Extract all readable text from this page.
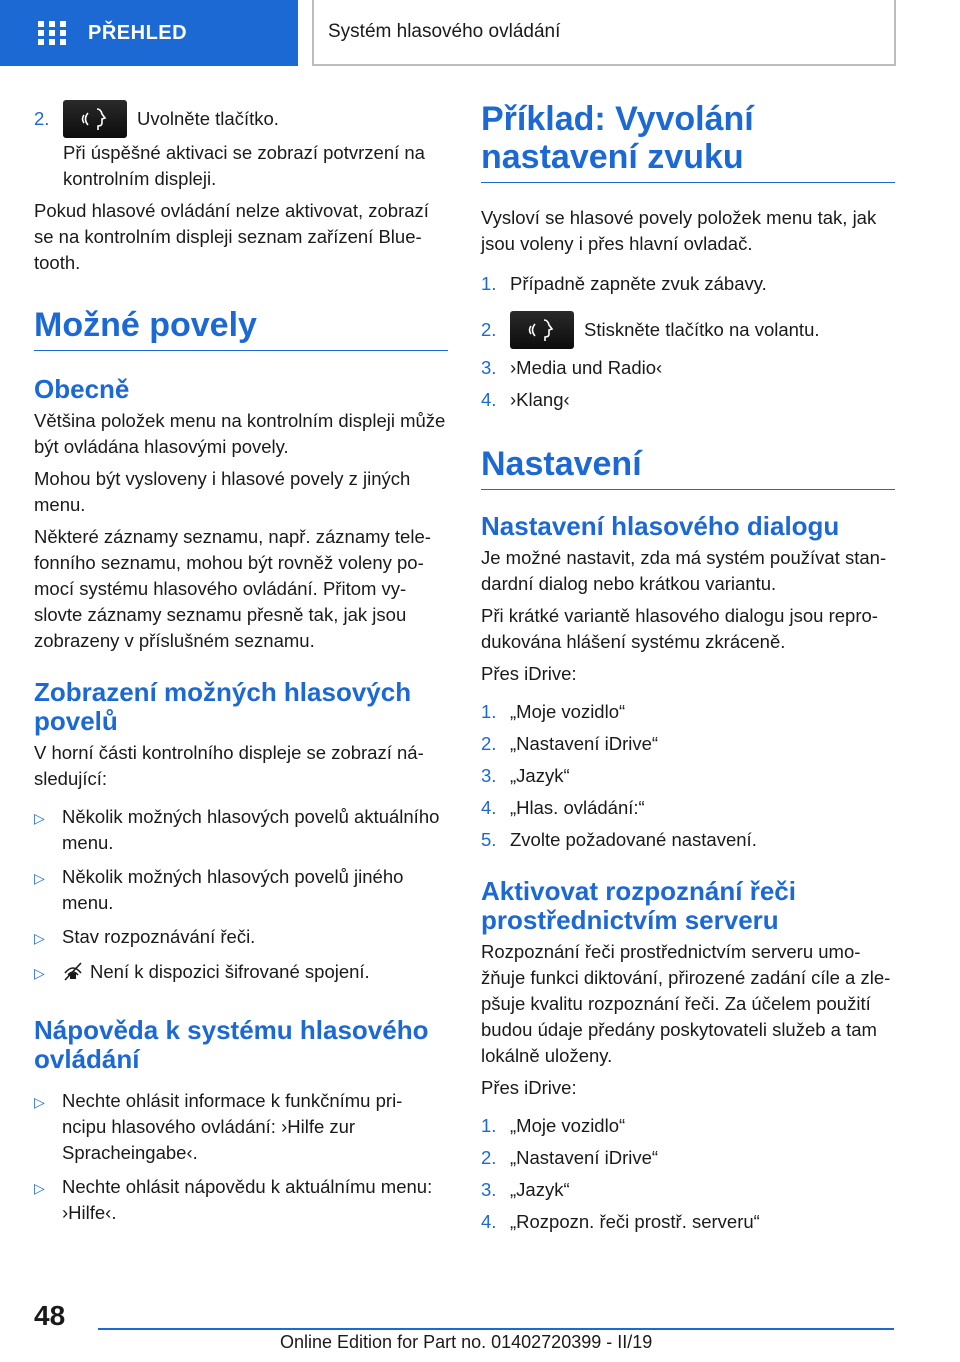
PŘEHLED	Systém hlasového ovládání
2.	Uvolněte tlačítko.

Při úspěšné aktivaci se zobrazí potvrzení na kontrolním displeji.

Pokud hlasové ovládání nelze aktivovat, zobrazí se na kontrolním displeji seznam zařízení Blue‐ tooth.

Možné povely
Obecně

Většina položek menu na kontrolním displeji může být ovládána hlasovými povely.

Mohou být vysloveny i hlasové povely z jiných menu.

Některé záznamy seznamu, např. záznamy tele‐ fonního seznamu, mohou být rovněž voleny po‐ mocí systému hlasového ovládání. Přitom vy‐ slovte záznamy seznamu přesně tak, jak jsou zobrazeny v příslušném seznamu.

Zobrazení možných hlasových povelů

V horní části kontrolního displeje se zobrazí ná‐ sledující:

▷ Několik možných hlasových povelů aktuálního menu.
▷ Několik možných hlasových povelů jiného menu.
▷ Stav rozpoznávání řeči.
▷	Není k dispozici šifrované spojení.
Nápověda k systému hlasového ovládání
▷ Nechte ohlásit informace k funkčnímu pri‐ ncipu hlasového ovládání: ›Hilfe zur Spracheingabe‹.
▷ Nechte ohlásit nápovědu k aktuálnímu menu: ›Hilfe‹.
Příklad: Vyvolání nastavení zvuku

Vysloví se hlasové povely položek menu tak, jak jsou voleny i přes hlavní ovladač.

1. Případně zapněte zvuk zábavy.
2.	Stiskněte tlačítko na volantu.
3. ›Media und Radio‹
4. ›Klang‹
Nastavení
Nastavení hlasového dialogu

Je možné nastavit, zda má systém používat stan‐ dardní dialog nebo krátkou variantu.

Při krátké variantě hlasového dialogu jsou repro‐ dukována hlášení systému zkráceně.

Přes iDrive:

1. „Moje vozidlo“
2. „Nastavení iDrive“
3. „Jazyk“
4. „Hlas. ovládání:“
5. Zvolte požadované nastavení.
Aktivovat rozpoznání řeči prostřednictvím serveru

Rozpoznání řeči prostřednictvím serveru umo‐ žňuje funkci diktování, přirozené zadání cíle a zle‐ pšuje kvalitu rozpoznání řeči. Za účelem použití budou údaje předány poskytovateli služeb a tam lokálně uloženy.

Přes iDrive:

1. „Moje vozidlo“
2. „Nastavení iDrive“
3. „Jazyk“
4. „Rozpozn. řeči prostř. serveru“
48
Online Edition for Part no. 01402720399 - II/19
